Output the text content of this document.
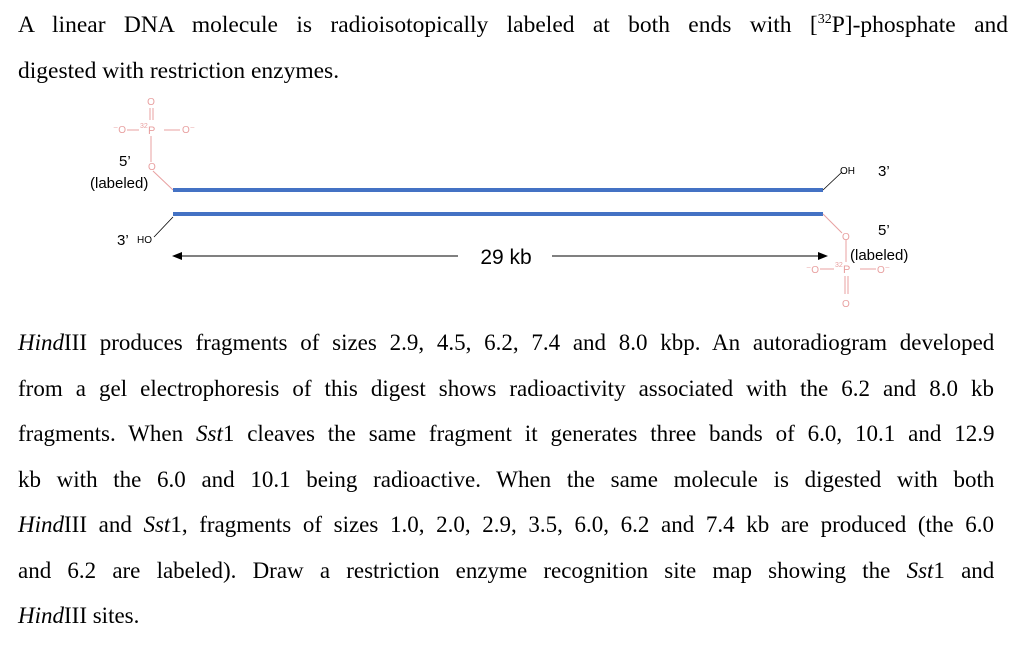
A linear DNA molecule is radioisotopically labeled at both ends with [$^{32}$P]-phosphate and
digested with restriction enzymes.

O
⁻O 32 P	O⁻
O
5’
(labeled)
3’ HO
OH 3’
O
⁻O 32 P	O⁻
O
5’
(labeled)
29 kb
HindIII produces fragments of sizes 2.9, 4.5, 6.2, 7.4 and 8.0 kbp. An autoradiogram developed
from a gel electrophoresis of this digest shows radioactivity associated with the 6.2 and 8.0 kb
fragments. When Sst1 cleaves the same fragment it generates three bands of 6.0, 10.1 and 12.9
kb with the 6.0 and 10.1 being radioactive. When the same molecule is digested with both
HindIII and Sst1, fragments of sizes 1.0, 2.0, 2.9, 3.5, 6.0, 6.2 and 7.4 kb are produced (the 6.0
and 6.2 are labeled). Draw a restriction enzyme recognition site map showing the Sst1 and
HindIII sites.
